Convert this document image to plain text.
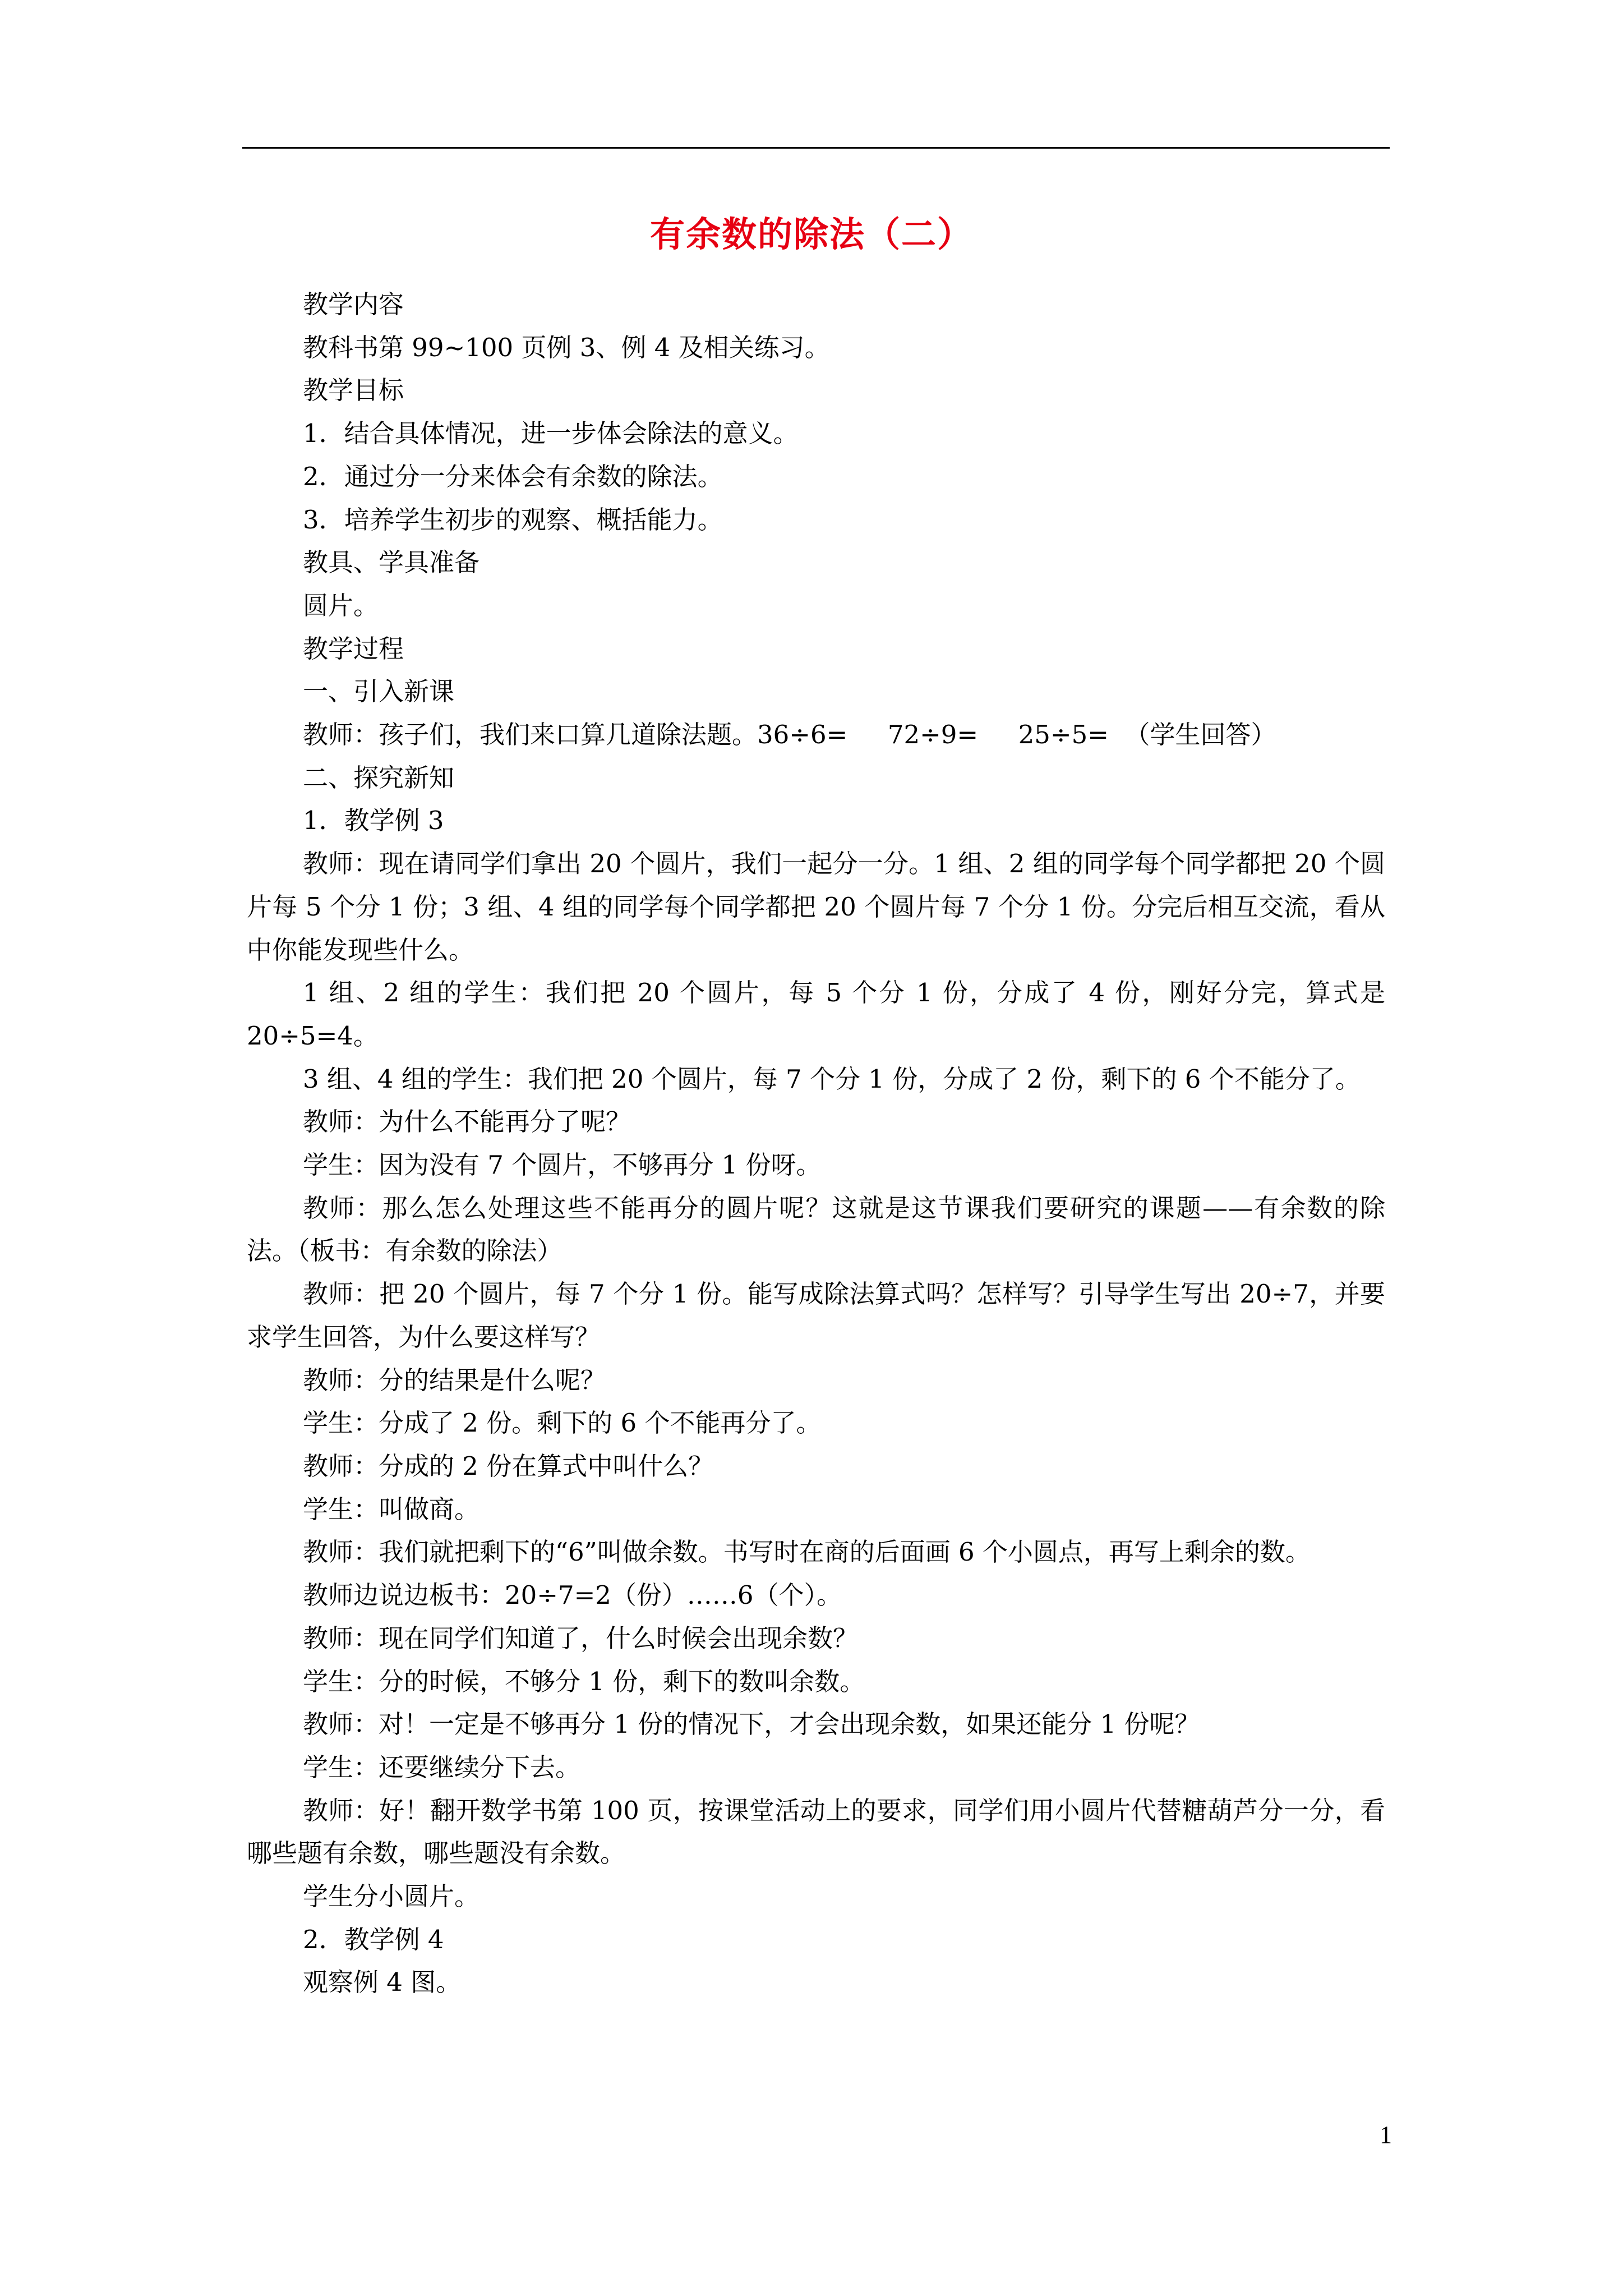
有余数的除法（二）

教学内容

教科书第 99~100 页例 3、例 4 及相关练习。

教学目标

1．结合具体情况，进一步体会除法的意义。

2．通过分一分来体会有余数的除法。

3．培养学生初步的观察、概括能力。

教具、学具准备

圆片。

教学过程

一、引入新课

教师：孩子们，我们来口算几道除法题。36÷6=     72÷9=     25÷5=  （学生回答）

二、探究新知

1．教学例 3

教师：现在请同学们拿出 20 个圆片，我们一起分一分。1 组、2 组的同学每个同学都把 20 个圆片每 5 个分 1 份；3 组、4 组的同学每个同学都把 20 个圆片每 7 个分 1 份。分完后相互交流，看从中你能发现些什么。

1 组、2 组的学生：我们把 20 个圆片，每 5 个分 1 份，分成了 4 份，刚好分完，算式是 20÷5=4。

3 组、4 组的学生：我们把 20 个圆片，每 7 个分 1 份，分成了 2 份，剩下的 6 个不能分了。

教师：为什么不能再分了呢？

学生：因为没有 7 个圆片，不够再分 1 份呀。

教师：那么怎么处理这些不能再分的圆片呢？这就是这节课我们要研究的课题——有余数的除法。（板书：有余数的除法）

教师：把 20 个圆片，每 7 个分 1 份。能写成除法算式吗？怎样写？引导学生写出 20÷7，并要求学生回答，为什么要这样写？

教师：分的结果是什么呢？

学生：分成了 2 份。剩下的 6 个不能再分了。

教师：分成的 2 份在算式中叫什么？

学生：叫做商。

教师：我们就把剩下的“6”叫做余数。书写时在商的后面画 6 个小圆点，再写上剩余的数。

教师边说边板书：20÷7=2（份）……6（个）。

教师：现在同学们知道了，什么时候会出现余数？

学生：分的时候，不够分 1 份，剩下的数叫余数。

教师：对！一定是不够再分 1 份的情况下，才会出现余数，如果还能分 1 份呢？

学生：还要继续分下去。

教师：好！翻开数学书第 100 页，按课堂活动上的要求，同学们用小圆片代替糖葫芦分一分，看哪些题有余数，哪些题没有余数。

学生分小圆片。

2．教学例 4

观察例 4 图。

1
